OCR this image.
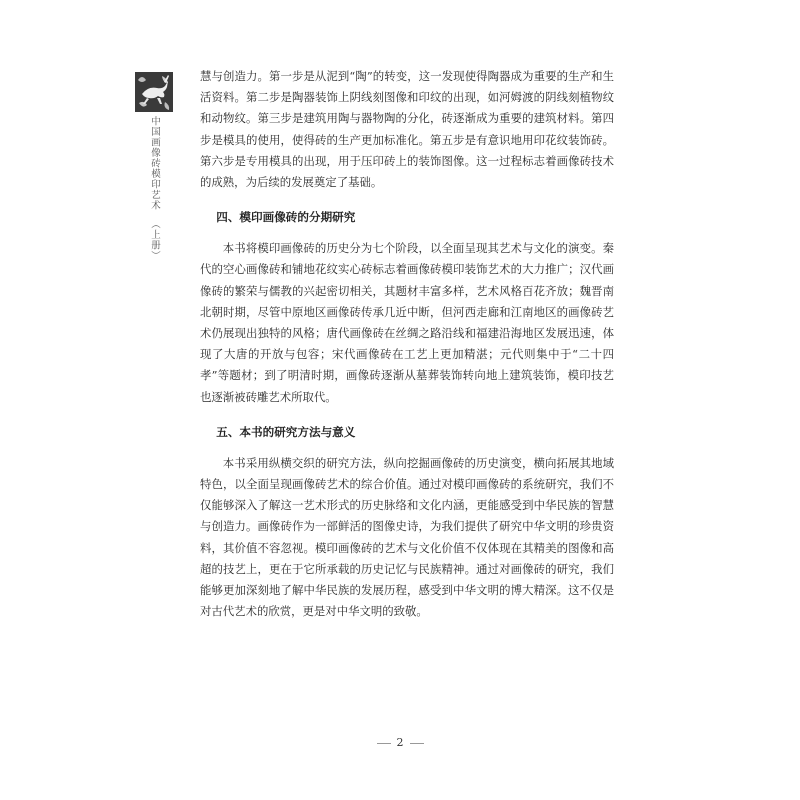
中国画像砖模印艺术（上册）

慧与创造力。第一步是从泥到“陶”的转变，这一发现使得陶器成为重要的生产和生活资料。第二步是陶器装饰上阴线刻图像和印纹的出现，如河姆渡的阴线刻植物纹和动物纹。第三步是建筑用陶与器物陶的分化，砖逐渐成为重要的建筑材料。第四步是模具的使用，使得砖的生产更加标准化。第五步是有意识地用印花纹装饰砖。第六步是专用模具的出现，用于压印砖上的装饰图像。这一过程标志着画像砖技术的成熟，为后续的发展奠定了基础。

四、模印画像砖的分期研究

本书将模印画像砖的历史分为七个阶段，以全面呈现其艺术与文化的演变。秦代的空心画像砖和铺地花纹实心砖标志着画像砖模印装饰艺术的大力推广；汉代画像砖的繁荣与儒教的兴起密切相关，其题材丰富多样，艺术风格百花齐放；魏晋南北朝时期，尽管中原地区画像砖传承几近中断，但河西走廊和江南地区的画像砖艺术仍展现出独特的风格；唐代画像砖在丝绸之路沿线和福建沿海地区发展迅速，体现了大唐的开放与包容；宋代画像砖在工艺上更加精湛；元代则集中于“二十四孝”等题材；到了明清时期，画像砖逐渐从墓葬装饰转向地上建筑装饰，模印技艺也逐渐被砖雕艺术所取代。

五、本书的研究方法与意义

本书采用纵横交织的研究方法，纵向挖掘画像砖的历史演变，横向拓展其地域特色，以全面呈现画像砖艺术的综合价值。通过对模印画像砖的系统研究，我们不仅能够深入了解这一艺术形式的历史脉络和文化内涵，更能感受到中华民族的智慧与创造力。画像砖作为一部鲜活的图像史诗，为我们提供了研究中华文明的珍贵资料，其价值不容忽视。模印画像砖的艺术与文化价值不仅体现在其精美的图像和高超的技艺上，更在于它所承载的历史记忆与民族精神。通过对画像砖的研究，我们能够更加深刻地了解中华民族的发展历程，感受到中华文明的博大精深。这不仅是对古代艺术的欣赏，更是对中华文明的致敬。

2
